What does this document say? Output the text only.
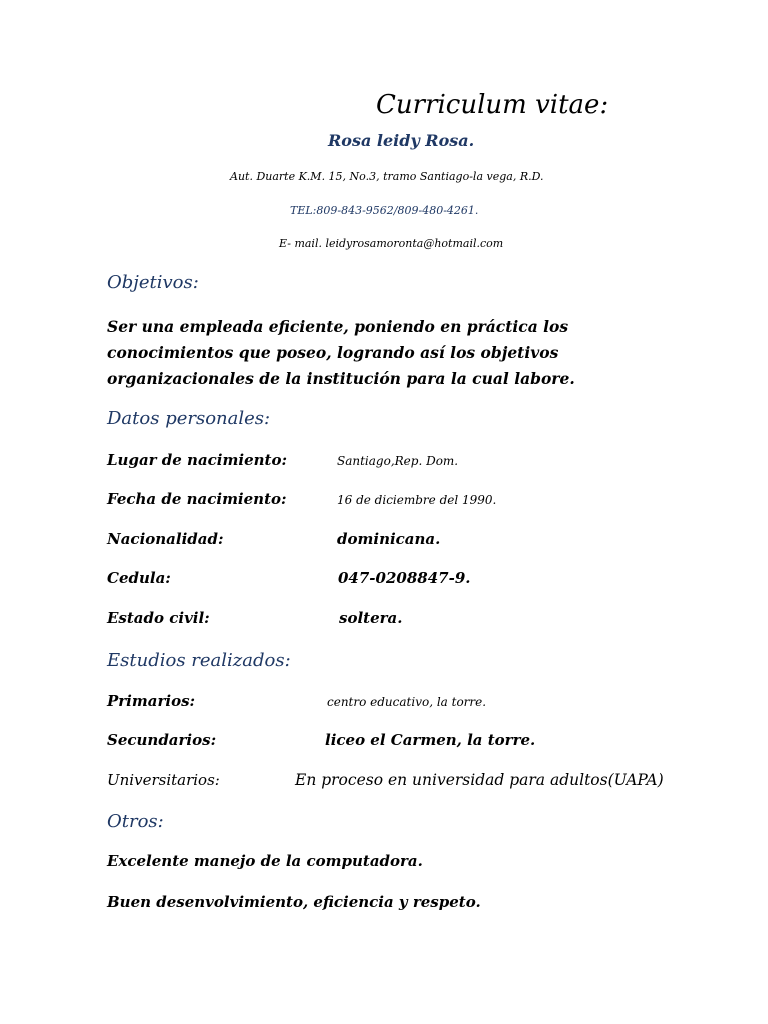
Curriculum vitae:
Rosa leidy Rosa.
Aut. Duarte K.M. 15, No.3, tramo Santiago-la vega, R.D.
TEL:809-843-9562/809-480-4261.
E- mail. leidyrosamoronta@hotmail.com
Objetivos:
Ser una empleada eficiente, poniendo en práctica los conocimientos que poseo, logrando así los objetivos organizacionales de la institución para la cual labore.
Datos personales:
Lugar de nacimiento:	Santiago,Rep. Dom.
Fecha de nacimiento:	16 de diciembre del 1990.
Nacionalidad:	dominicana.
Cedula:	047-0208847-9.
Estado civil:	soltera.
Estudios realizados:
Primarios:	centro educativo, la torre.
Secundarios:	liceo el Carmen, la torre.
Universitarios:	En proceso en universidad para adultos(UAPA)
Otros:
Excelente manejo de la computadora.
Buen desenvolvimiento, eficiencia y respeto.
